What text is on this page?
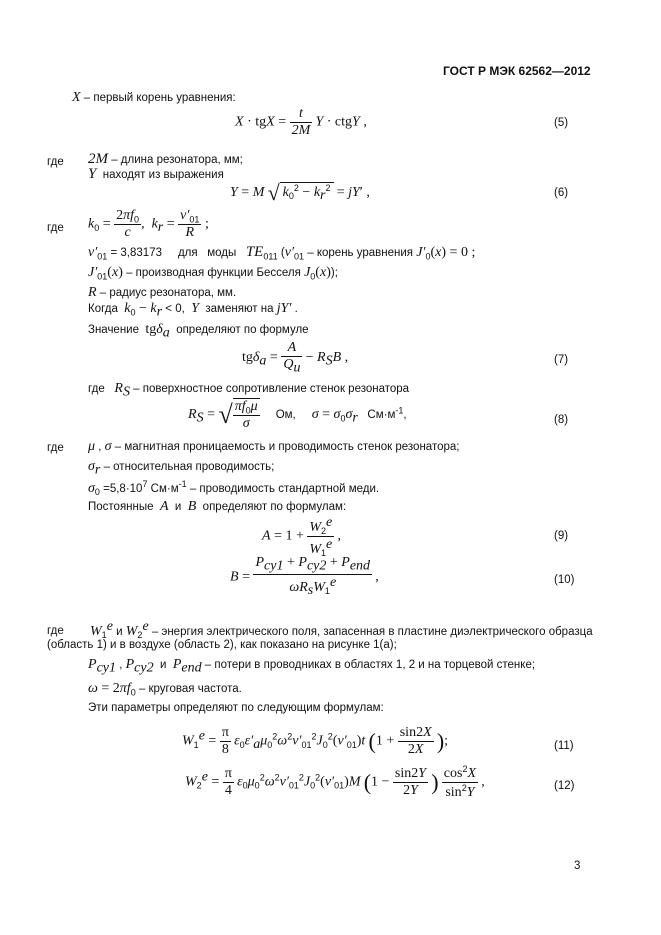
ГОСТ Р МЭК 62562—2012
X – первый корень уравнения:
X · tgX = $\frac{t}{2M}$ Y · ctgY ,	(5)
где 2M – длина резонатора, мм;
Y находят из выражения
Y = M √ $k_0^2 - k_r^2 = jY'$ ,	(6)
где $k_0 = \frac{2\pi f_0}{c}$ ,  $k_r = \frac{\nu'_{01}}{R}$ ;
$\nu'_{01} = 3,83173$ для моды $TE_{011}$ ($\nu'_{01}$ – корень уравнения $J'_0(x) = 0$ ;
$J'_{01}(x)$ – производная функции Бесселя $J_0(x)$);
R – радиус резонатора, мм.
Когда $k_0 - k_r < 0$, Y заменяют на jY′ .
Значение tgδ$_a$ определяют по формуле
$tg\delta_a = \frac{A}{Q_u} - R_SB$ ,	(7)
где $R_S$ – поверхностное сопротивление стенок резонатора
$R_S$ = √ $\frac{\pi f_0\mu}{\sigma}$ Ом, $\sigma = \sigma_0\sigma_r$ $См\cdot м^{-1}$,	(8)
где μ , σ – магнитная проницаемость и проводимость стенок резонатора;
$\sigma_r$ – относительная проводимость;
$\sigma_0 =5,8\cdot 10^7$ $См\cdot м^{-1}$ – проводимость стандартной меди.
Постоянные A и B определяют по формулам:
$A = 1 + \frac{W_2^e}{W_1^e}$ ,	(9)
$B = \frac{P_{cy1} + P_{cy2} + P_{end}}{\omega R_sW_1^e}$ ,	(10)
где $W_1^e$ и $W_2^e$ – энергия электрического поля, запасенная в пластине диэлектрического образца
(область 1) и в воздухе (область 2), как показано на рисунке 1(а);
$P_{cy1}$ , $P_{cy2}$  и  $P_{end}$ – потери в проводниках в областях 1, 2 и на торцевой стенке;
$\omega = 2\pi f_0$ – круговая частота.
Эти параметры определяют по следующим формулам:
$W_1^e = \frac{\pi}{8} \varepsilon_0\varepsilon'_a\mu_0^2\omega^2\nu'_{01}^2J_0^2(\nu'_{01})t$ ($1 + \frac{\sin 2X}{2X}$ );	(11)
$W_2^e = \frac{\pi}{4} \varepsilon_0\mu_0^2\omega^2\nu'_{01}^2J_0^2(\nu'_{01})M$ ($1 - \frac{\sin 2Y}{2Y}$ ) $\frac{\cos^2X}{\sin^2Y}$ ,	(12)
3
